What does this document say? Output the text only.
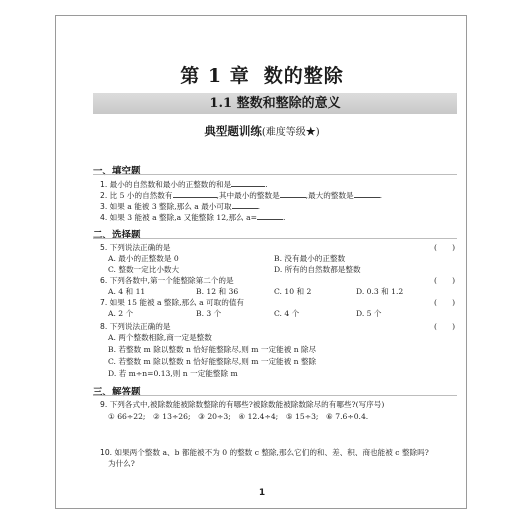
第 1 章 数的整除
1.1 整数和整除的意义
典型题训练(难度等级★)
一、填空题
1. 最小的自然数和最小的正整数的和是	.
2. 比 5 小的自然数有	,其中最小的整数是	,最大的整数是	.
3. 如果 a 能被 3 整除,那么 a 最小可取	.
4. 如果 3 能被 a 整除,a 又能整除 12,那么 a=	.
二、选择题
5. 下列说法正确的是	(　　)
A. 最小的正整数是 0	B. 没有最小的正整数
C. 整数一定比小数大	D. 所有的自然数都是整数
6. 下列各数中,第一个能整除第二个的是	(　　)
A. 4 和 11	B. 12 和 36	C. 10 和 2	D. 0.3 和 1.2
7. 如果 15 能被 a 整除,那么 a 可取的值有	(　　)
A. 2 个	B. 3 个	C. 4 个	D. 5 个
8. 下列说法正确的是	(　　)
A. 两个整数相除,商一定是整数
B. 若整数 m 除以整数 n 恰好能整除尽,则 m 一定能被 n 除尽
C. 若整数 m 除以整数 n 恰好能整除尽,则 m 一定能被 n 整除
D. 若 m÷n=0.13,则 n 一定能整除 m
三、解答题
9. 下列各式中,被除数能被除数整除的有哪些?被除数能被除数除尽的有哪些?(写序号)
① 66÷22;　② 13÷26;　③ 20÷3;　④ 12.4÷4;　⑤ 15÷3;　⑥ 7.6÷0.4.
10. 如果两个整数 a、b 都能被不为 0 的整数 c 整除,那么它们的和、差、积、商也能被 c 整除吗?
为什么?
1
